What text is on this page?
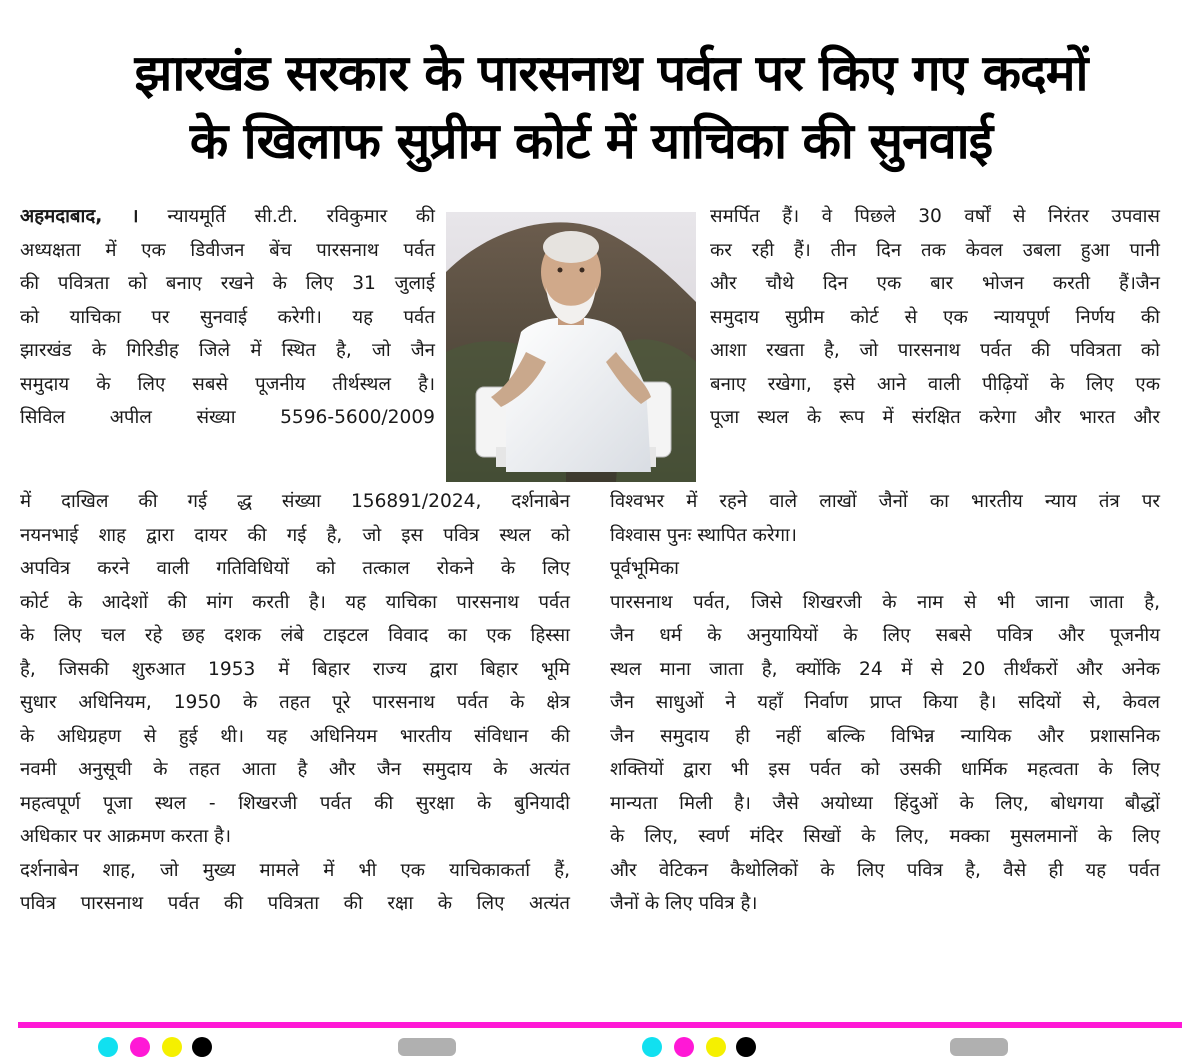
झारखंड सरकार के पारसनाथ पर्वत पर किए गए कदमों
के खिलाफ सुप्रीम कोर्ट में याचिका की सुनवाई

अहमदाबाद, । न्यायमूर्ति सी.टी. रविकुमार की

अध्यक्षता में एक डिवीजन बेंच पारसनाथ पर्वत

की पवित्रता को बनाए रखने के लिए 31 जुलाई

को याचिका पर सुनवाई करेगी। यह पर्वत

झारखंड के गिरिडीह जिले में स्थित है, जो जैन

समुदाय के लिए सबसे पूजनीय तीर्थस्थल है।

सिविल अपील संख्या 5596-5600/2009

में दाखिल की गई द्ध संख्या 156891/2024, दर्शनाबेन

नयनभाई शाह द्वारा दायर की गई है, जो इस पवित्र स्थल को

अपवित्र करने वाली गतिविधियों को तत्काल रोकने के लिए

कोर्ट के आदेशों की मांग करती है। यह याचिका पारसनाथ पर्वत

के लिए चल रहे छह दशक लंबे टाइटल विवाद का एक हिस्सा

है, जिसकी शुरुआत 1953 में बिहार राज्य द्वारा बिहार भूमि

सुधार अधिनियम, 1950 के तहत पूरे पारसनाथ पर्वत के क्षेत्र

के अधिग्रहण से हुई थी। यह अधिनियम भारतीय संविधान की

नवमी अनुसूची के तहत आता है और जैन समुदाय के अत्यंत

महत्वपूर्ण पूजा स्थल - शिखरजी पर्वत की सुरक्षा के बुनियादी

अधिकार पर आक्रमण करता है।

दर्शनाबेन शाह, जो मुख्य मामले में भी एक याचिकाकर्ता हैं,

पवित्र पारसनाथ पर्वत की पवित्रता की रक्षा के लिए अत्यंत

समर्पित हैं। वे पिछले 30 वर्षों से निरंतर उपवास

कर रही हैं। तीन दिन तक केवल उबला हुआ पानी

और चौथे दिन एक बार भोजन करती हैं।जैन

समुदाय सुप्रीम कोर्ट से एक न्यायपूर्ण निर्णय की

आशा रखता है, जो पारसनाथ पर्वत की पवित्रता को

बनाए रखेगा, इसे आने वाली पीढ़ियों के लिए एक

पूजा स्थल के रूप में संरक्षित करेगा और भारत और

विश्वभर में रहने वाले लाखों जैनों का भारतीय न्याय तंत्र पर

विश्वास पुनः स्थापित करेगा।

पूर्वभूमिका

पारसनाथ पर्वत, जिसे शिखरजी के नाम से भी जाना जाता है,

जैन धर्म के अनुयायियों के लिए सबसे पवित्र और पूजनीय

स्थल माना जाता है, क्योंकि 24 में से 20 तीर्थंकरों और अनेक

जैन साधुओं ने यहाँ निर्वाण प्राप्त किया है। सदियों से, केवल

जैन समुदाय ही नहीं बल्कि विभिन्न न्यायिक और प्रशासनिक

शक्तियों द्वारा भी इस पर्वत को उसकी धार्मिक महत्वता के लिए

मान्यता मिली है। जैसे अयोध्या हिंदुओं के लिए, बोधगया बौद्धों

के लिए, स्वर्ण मंदिर सिखों के लिए, मक्का मुसलमानों के लिए

और वेटिकन कैथोलिकों के लिए पवित्र है, वैसे ही यह पर्वत

जैनों के लिए पवित्र है।
